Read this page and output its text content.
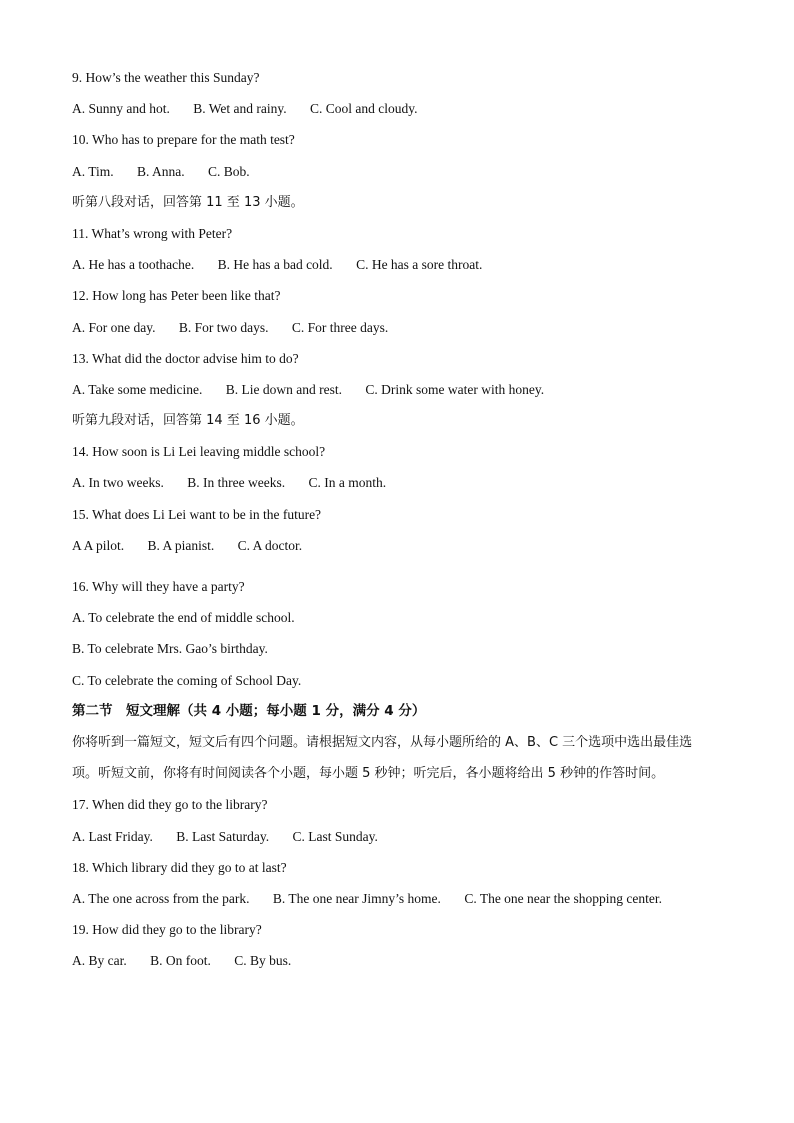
9. How’s the weather this Sunday?
A. Sunny and hot. B. Wet and rainy. C. Cool and cloudy.
10. Who has to prepare for the math test?
A. Tim. B. Anna. C. Bob.
听第八段对话，回答第 11 至 13 小题。
11. What’s wrong with Peter?
A. He has a toothache. B. He has a bad cold. C. He has a sore throat.
12. How long has Peter been like that?
A. For one day. B. For two days. C. For three days.
13. What did the doctor advise him to do?
A. Take some medicine. B. Lie down and rest. C. Drink some water with honey.
听第九段对话，回答第 14 至 16 小题。
14. How soon is Li Lei leaving middle school?
A. In two weeks. B. In three weeks. C. In a month.
15. What does Li Lei want to be in the future?
A A pilot. B. A pianist. C. A doctor.
16. Why will they have a party?
A. To celebrate the end of middle school.
B. To celebrate Mrs. Gao’s birthday.
C. To celebrate the coming of School Day.
第二节　短文理解（共 4 小题；每小题 1 分，满分 4 分）
你将听到一篇短文，短文后有四个问题。请根据短文内容，从每小题所给的 A、B、C 三个选项中选出最佳选项。听短文前，你将有时间阅读各个小题，每小题 5 秒钟；听完后，各小题将给出 5 秒钟的作答时间。
17. When did they go to the library?
A. Last Friday. B. Last Saturday. C. Last Sunday.
18. Which library did they go to at last?
A. The one across from the park. B. The one near Jimny’s home. C. The one near the shopping center.
19. How did they go to the library?
A. By car. B. On foot. C. By bus.
